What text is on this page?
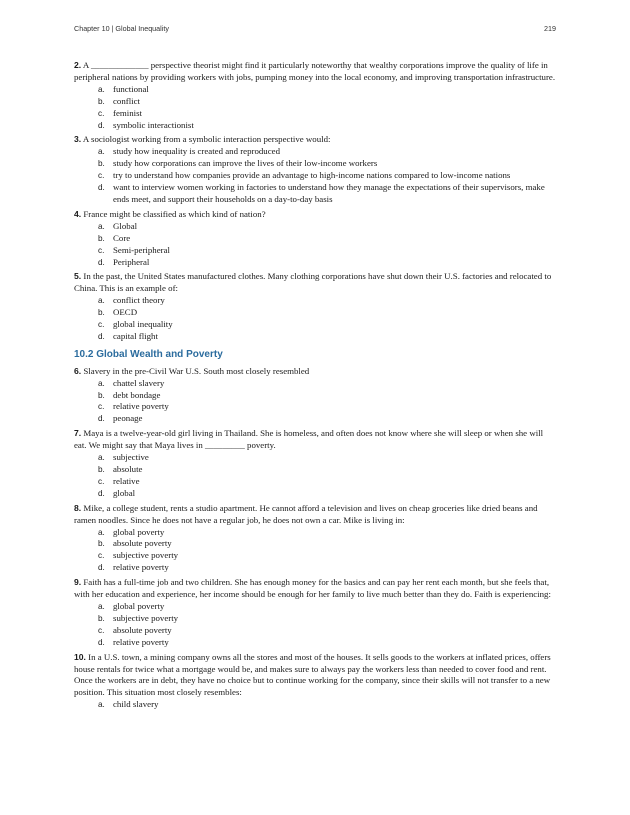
Chapter 10 | Global Inequality	219

2. A _____________ perspective theorist might find it particularly noteworthy that wealthy corporations improve the quality of life in peripheral nations by providing workers with jobs, pumping money into the local economy, and improving transportation infrastructure.

a. functional
b. conflict
c. feminist
d. symbolic interactionist

3. A sociologist working from a symbolic interaction perspective would:

a. study how inequality is created and reproduced
b. study how corporations can improve the lives of their low-income workers
c. try to understand how companies provide an advantage to high-income nations compared to low-income nations
d. want to interview women working in factories to understand how they manage the expectations of their supervisors, make ends meet, and support their households on a day-to-day basis

4. France might be classified as which kind of nation?

a. Global
b. Core
c. Semi-peripheral
d. Peripheral

5. In the past, the United States manufactured clothes. Many clothing corporations have shut down their U.S. factories and relocated to China. This is an example of:

a. conflict theory
b. OECD
c. global inequality
d. capital flight
10.2 Global Wealth and Poverty

6. Slavery in the pre-Civil War U.S. South most closely resembled

a. chattel slavery
b. debt bondage
c. relative poverty
d. peonage

7. Maya is a twelve-year-old girl living in Thailand. She is homeless, and often does not know where she will sleep or when she will eat. We might say that Maya lives in _________ poverty.

a. subjective
b. absolute
c. relative
d. global

8. Mike, a college student, rents a studio apartment. He cannot afford a television and lives on cheap groceries like dried beans and ramen noodles. Since he does not have a regular job, he does not own a car. Mike is living in:

a. global poverty
b. absolute poverty
c. subjective poverty
d. relative poverty

9. Faith has a full-time job and two children. She has enough money for the basics and can pay her rent each month, but she feels that, with her education and experience, her income should be enough for her family to live much better than they do. Faith is experiencing:

a. global poverty
b. subjective poverty
c. absolute poverty
d. relative poverty

10. In a U.S. town, a mining company owns all the stores and most of the houses. It sells goods to the workers at inflated prices, offers house rentals for twice what a mortgage would be, and makes sure to always pay the workers less than needed to cover food and rent. Once the workers are in debt, they have no choice but to continue working for the company, since their skills will not transfer to a new position. This situation most closely resembles:

a. child slavery
